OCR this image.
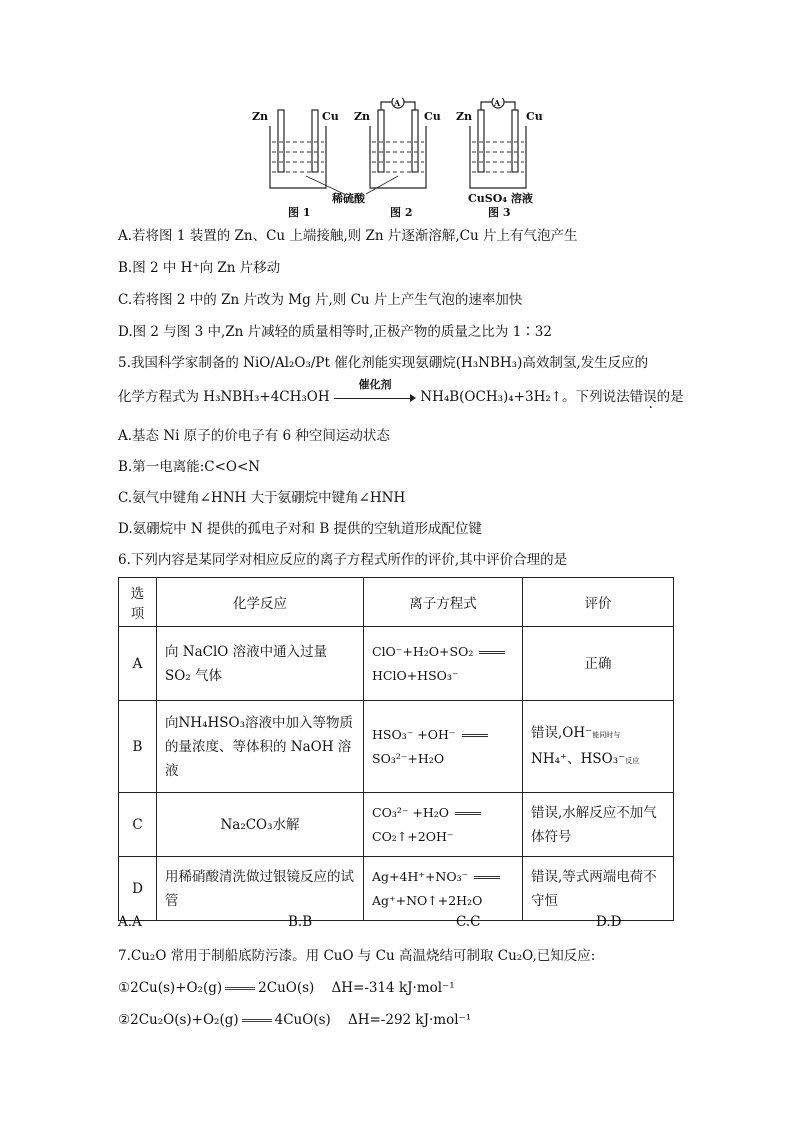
Zn	Cu Zn	Cu
A
Zn	Cu
A
稀硫酸	CuSO₄ 溶液
图 1	图 2	图 3
A.若将图 1 装置的 Zn、Cu 上端接触,则 Zn 片逐渐溶解,Cu 片上有气泡产生
B.图 2 中 H⁺向 Zn 片移动
C.若将图 2 中的 Zn 片改为 Mg 片,则 Cu 片上产生气泡的速率加快
D.图 2 与图 3 中,Zn 片减轻的质量相等时,正极产物的质量之比为 1∶32
5.我国科学家制备的 NiO/Al₂O₃/Pt 催化剂能实现氨硼烷(H₃NBH₃)高效制氢,发生反应的
化学方程式为 H₃NBH₃+4CH₃OH
催化剂
NH₄B(OCH₃)₄+3H₂↑。下列说法错误的是
A.基态 Ni 原子的价电子有 6 种空间运动状态
B.第一电离能:C<O<N
C.氨气中键角∠HNH 大于氨硼烷中键角∠HNH
D.氨硼烷中 N 提供的孤电子对和 B 提供的空轨道形成配位键
6.下列内容是某同学对相应反应的离子方程式所作的评价,其中评价合理的是
选项	化学反应	离子方程式	评价
A	向 NaClO 溶液中通入过量 SO₂ 气体	ClO⁻+H₂O+SO₂
HClO+HSO₃⁻	正确
B	向NH₄HSO₃溶液中加入等物质的量浓度、等体积的 NaOH 溶液	HSO₃⁻ +OH⁻
SO₃²⁻+H₂O	错误,OH⁻能同时与
NH₄⁺、HSO₃⁻反应

C	Na₂CO₃水解	CO₃²⁻ +H₂O
CO₂↑+2OH⁻	错误,水解反应不加气体符号
D	用稀硝酸清洗做过银镜反应的试管	Ag+4H⁺+NO₃⁻
Ag⁺+NO↑+2H₂O	错误,等式两端电荷不守恒
A.A	B.B	C.C	D.D
7.Cu₂O 常用于制船底防污漆。用 CuO 与 Cu 高温烧结可制取 Cu₂O,已知反应:
①2Cu(s)+O₂(g)	2CuO(s) ΔH=-314 kJ·mol⁻¹
②2Cu₂O(s)+O₂(g)	4CuO(s) ΔH=-292 kJ·mol⁻¹
